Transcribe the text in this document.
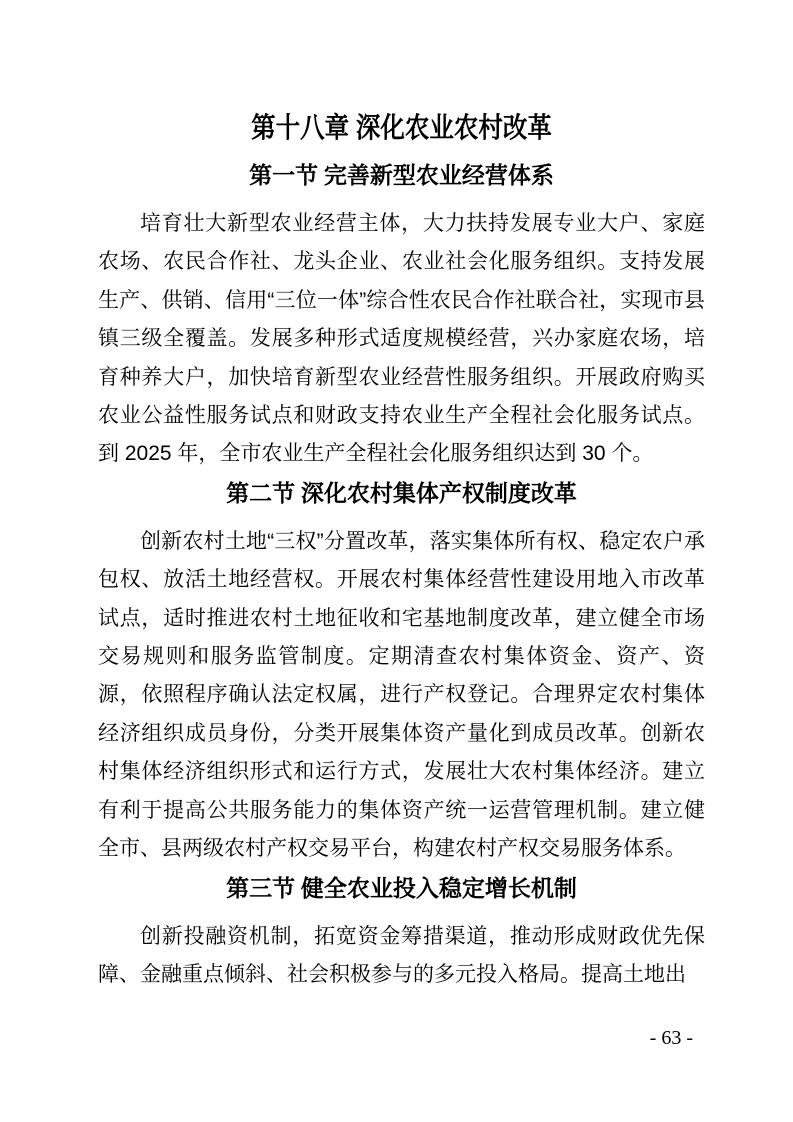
第十八章 深化农业农村改革
第一节 完善新型农业经营体系

培育壮大新型农业经营主体，大力扶持发展专业大户、家庭农场、农民合作社、龙头企业、农业社会化服务组织。支持发展生产、供销、信用“三位一体”综合性农民合作社联合社，实现市县镇三级全覆盖。发展多种形式适度规模经营，兴办家庭农场，培育种养大户，加快培育新型农业经营性服务组织。开展政府购买农业公益性服务试点和财政支持农业生产全程社会化服务试点。到 2025 年，全市农业生产全程社会化服务组织达到 30 个。

第二节 深化农村集体产权制度改革

创新农村土地“三权”分置改革，落实集体所有权、稳定农户承包权、放活土地经营权。开展农村集体经营性建设用地入市改革试点，适时推进农村土地征收和宅基地制度改革，建立健全市场交易规则和服务监管制度。定期清查农村集体资金、资产、资源，依照程序确认法定权属，进行产权登记。合理界定农村集体经济组织成员身份，分类开展集体资产量化到成员改革。创新农村集体经济组织形式和运行方式，发展壮大农村集体经济。建立有利于提高公共服务能力的集体资产统一运营管理机制。建立健全市、县两级农村产权交易平台，构建农村产权交易服务体系。

第三节 健全农业投入稳定增长机制

创新投融资机制，拓宽资金筹措渠道，推动形成财政优先保障、金融重点倾斜、社会积极参与的多元投入格局。提高土地出

- 63 -
